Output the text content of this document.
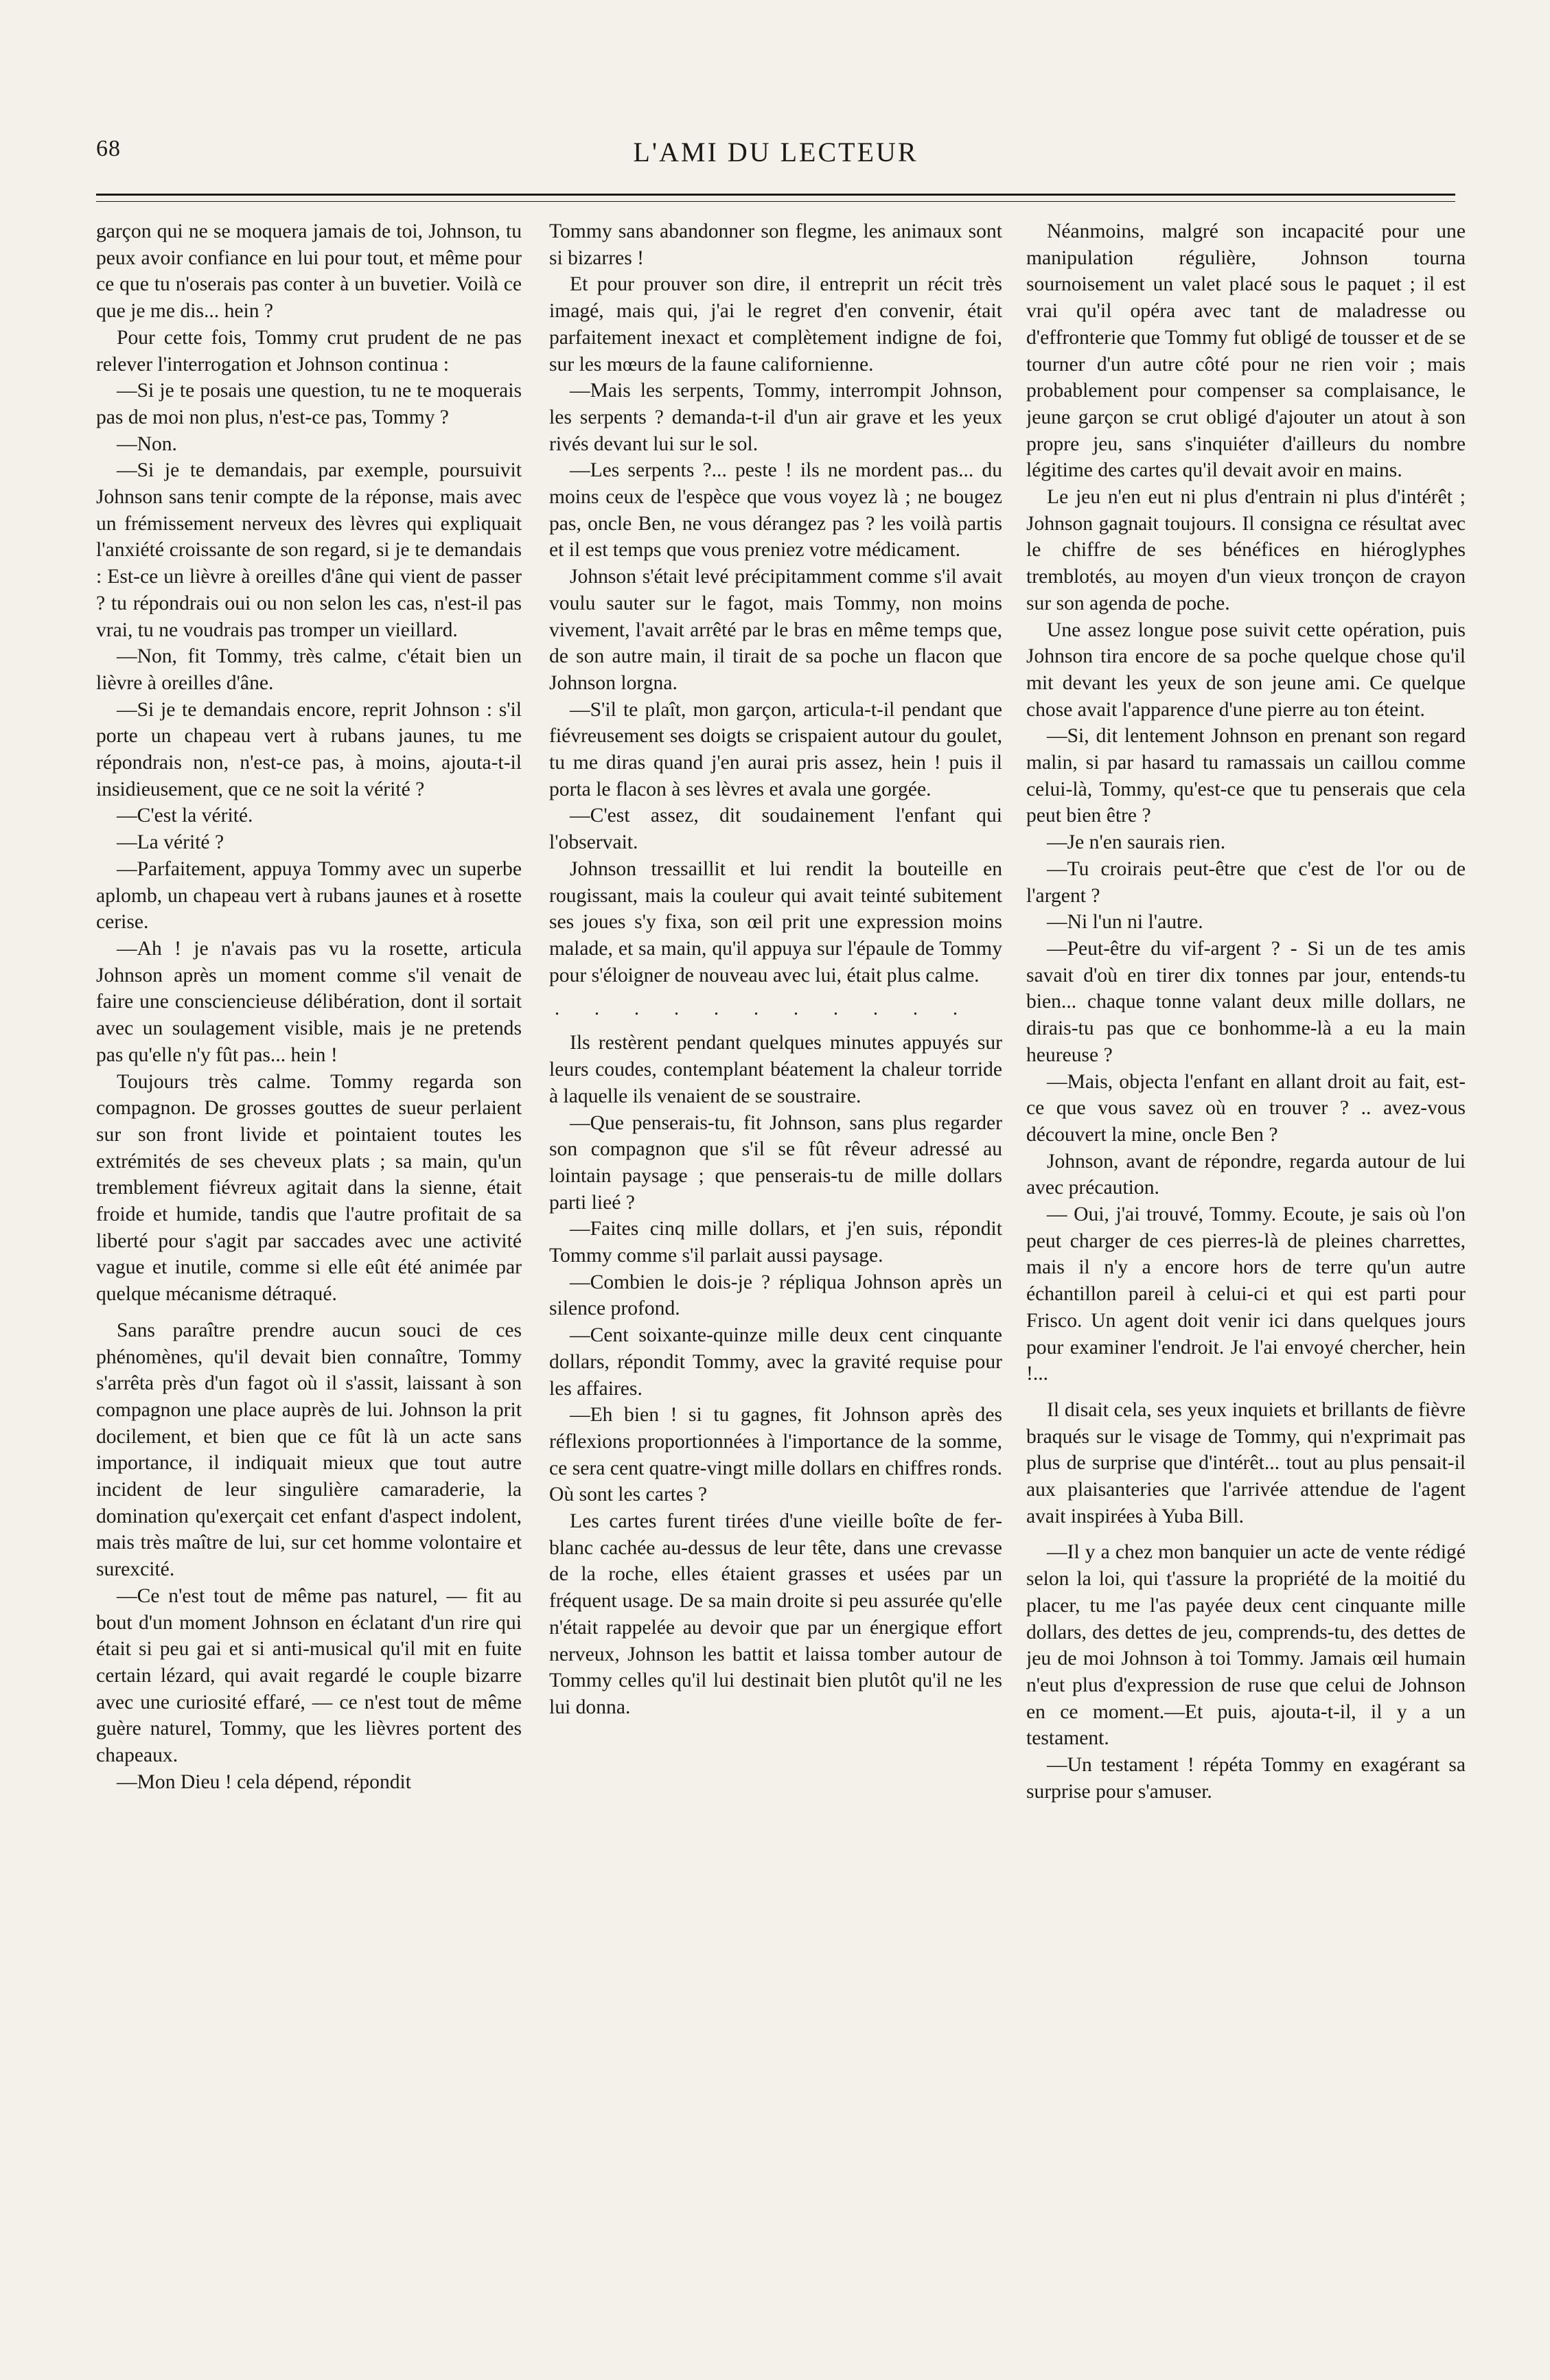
68	L'AMI DU LECTEUR

garçon qui ne se moquera jamais de toi, Johnson, tu peux avoir confiance en lui pour tout, et même pour ce que tu n'oserais pas conter à un buvetier. Voilà ce que je me dis... hein ?

Pour cette fois, Tommy crut prudent de ne pas relever l'interrogation et Johnson continua :

—Si je te posais une question, tu ne te moquerais pas de moi non plus, n'est-ce pas, Tommy ?

—Non.

—Si je te demandais, par exemple, poursuivit Johnson sans tenir compte de la réponse, mais avec un frémissement nerveux des lèvres qui expliquait l'anxiété croissante de son regard, si je te demandais : Est-ce un lièvre à oreilles d'âne qui vient de passer ? tu répondrais oui ou non selon les cas, n'est-il pas vrai, tu ne voudrais pas tromper un vieillard.

—Non, fit Tommy, très calme, c'était bien un lièvre à oreilles d'âne.

—Si je te demandais encore, reprit Johnson : s'il porte un chapeau vert à rubans jaunes, tu me répondrais non, n'est-ce pas, à moins, ajouta-t-il insidieusement, que ce ne soit la vérité ?

—C'est la vérité.

—La vérité ?

—Parfaitement, appuya Tommy avec un superbe aplomb, un chapeau vert à rubans jaunes et à rosette cerise.

—Ah ! je n'avais pas vu la rosette, articula Johnson après un moment comme s'il venait de faire une consciencieuse délibération, dont il sortait avec un soulagement visible, mais je ne pretends pas qu'elle n'y fût pas... hein !

Toujours très calme. Tommy regarda son compagnon. De grosses gouttes de sueur perlaient sur son front livide et pointaient toutes les extrémités de ses cheveux plats ; sa main, qu'un tremblement fiévreux agitait dans la sienne, était froide et humide, tandis que l'autre profitait de sa liberté pour s'agit par saccades avec une activité vague et inutile, comme si elle eût été animée par quelque mécanisme détraqué.

Sans paraître prendre aucun souci de ces phénomènes, qu'il devait bien connaître, Tommy s'arrêta près d'un fagot où il s'assit, laissant à son compagnon une place auprès de lui. Johnson la prit docilement, et bien que ce fût là un acte sans importance, il indiquait mieux que tout autre incident de leur singulière camaraderie, la domination qu'exerçait cet enfant d'aspect indolent, mais très maître de lui, sur cet homme volontaire et surexcité.

—Ce n'est tout de même pas naturel, — fit au bout d'un moment Johnson en éclatant d'un rire qui était si peu gai et si anti-musical qu'il mit en fuite certain lézard, qui avait regardé le couple bizarre avec une curiosité effaré, — ce n'est tout de même guère naturel, Tommy, que les lièvres portent des chapeaux.

—Mon Dieu ! cela dépend, répondit

Tommy sans abandonner son flegme, les animaux sont si bizarres !

Et pour prouver son dire, il entreprit un récit très imagé, mais qui, j'ai le regret d'en convenir, était parfaitement inexact et complètement indigne de foi, sur les mœurs de la faune californienne.

—Mais les serpents, Tommy, interrompit Johnson, les serpents ? demanda-t-il d'un air grave et les yeux rivés devant lui sur le sol.

—Les serpents ?... peste ! ils ne mordent pas... du moins ceux de l'espèce que vous voyez là ; ne bougez pas, oncle Ben, ne vous dérangez pas ? les voilà partis et il est temps que vous preniez votre médicament.

Johnson s'était levé précipitamment comme s'il avait voulu sauter sur le fagot, mais Tommy, non moins vivement, l'avait arrêté par le bras en même temps que, de son autre main, il tirait de sa poche un flacon que Johnson lorgna.

—S'il te plaît, mon garçon, articula-t-il pendant que fiévreusement ses doigts se crispaient autour du goulet, tu me diras quand j'en aurai pris assez, hein ! puis il porta le flacon à ses lèvres et avala une gorgée.

—C'est assez, dit soudainement l'enfant qui l'observait.

Johnson tressaillit et lui rendit la bouteille en rougissant, mais la couleur qui avait teinté subitement ses joues s'y fixa, son œil prit une expression moins malade, et sa main, qu'il appuya sur l'épaule de Tommy pour s'éloigner de nouveau avec lui, était plus calme.

. . . . . . . . . . .

Ils restèrent pendant quelques minutes appuyés sur leurs coudes, contemplant béatement la chaleur torride à laquelle ils venaient de se soustraire.

—Que penserais-tu, fit Johnson, sans plus regarder son compagnon que s'il se fût rêveur adressé au lointain paysage ; que penserais-tu de mille dollars parti lieé ?

—Faites cinq mille dollars, et j'en suis, répondit Tommy comme s'il parlait aussi paysage.

—Combien le dois-je ? répliqua Johnson après un silence profond.

—Cent soixante-quinze mille deux cent cinquante dollars, répondit Tommy, avec la gravité requise pour les affaires.

—Eh bien ! si tu gagnes, fit Johnson après des réflexions proportionnées à l'importance de la somme, ce sera cent quatre-vingt mille dollars en chiffres ronds. Où sont les cartes ?

Les cartes furent tirées d'une vieille boîte de fer-blanc cachée au-dessus de leur tête, dans une crevasse de la roche, elles étaient grasses et usées par un fréquent usage. De sa main droite si peu assurée qu'elle n'était rappelée au devoir que par un énergique effort nerveux, Johnson les battit et laissa tomber autour de Tommy celles qu'il lui destinait bien plutôt qu'il ne les lui donna.

Néanmoins, malgré son incapacité pour une manipulation régulière, Johnson tourna sournoisement un valet placé sous le paquet ; il est vrai qu'il opéra avec tant de maladresse ou d'effronterie que Tommy fut obligé de tousser et de se tourner d'un autre côté pour ne rien voir ; mais probablement pour compenser sa complaisance, le jeune garçon se crut obligé d'ajouter un atout à son propre jeu, sans s'inquiéter d'ailleurs du nombre légitime des cartes qu'il devait avoir en mains.

Le jeu n'en eut ni plus d'entrain ni plus d'intérêt ; Johnson gagnait toujours. Il consigna ce résultat avec le chiffre de ses bénéfices en hiéroglyphes tremblotés, au moyen d'un vieux tronçon de crayon sur son agenda de poche.

Une assez longue pose suivit cette opération, puis Johnson tira encore de sa poche quelque chose qu'il mit devant les yeux de son jeune ami. Ce quelque chose avait l'apparence d'une pierre au ton éteint.

—Si, dit lentement Johnson en prenant son regard malin, si par hasard tu ramassais un caillou comme celui-là, Tommy, qu'est-ce que tu penserais que cela peut bien être ?

—Je n'en saurais rien.

—Tu croirais peut-être que c'est de l'or ou de l'argent ?

—Ni l'un ni l'autre.

—Peut-être du vif-argent ? - Si un de tes amis savait d'où en tirer dix tonnes par jour, entends-tu bien... chaque tonne valant deux mille dollars, ne dirais-tu pas que ce bonhomme-là a eu la main heureuse ?

—Mais, objecta l'enfant en allant droit au fait, est-ce que vous savez où en trouver ? .. avez-vous découvert la mine, oncle Ben ?

Johnson, avant de répondre, regarda autour de lui avec précaution.

— Oui, j'ai trouvé, Tommy. Ecoute, je sais où l'on peut charger de ces pierres-là de pleines charrettes, mais il n'y a encore hors de terre qu'un autre échantillon pareil à celui-ci et qui est parti pour Frisco. Un agent doit venir ici dans quelques jours pour examiner l'endroit. Je l'ai envoyé chercher, hein !...

Il disait cela, ses yeux inquiets et brillants de fièvre braqués sur le visage de Tommy, qui n'exprimait pas plus de surprise que d'intérêt... tout au plus pensait-il aux plaisanteries que l'arrivée attendue de l'agent avait inspirées à Yuba Bill.

—Il y a chez mon banquier un acte de vente rédigé selon la loi, qui t'assure la propriété de la moitié du placer, tu me l'as payée deux cent cinquante mille dollars, des dettes de jeu, comprends-tu, des dettes de jeu de moi Johnson à toi Tommy. Jamais œil humain n'eut plus d'expression de ruse que celui de Johnson en ce moment.—Et puis, ajouta-t-il, il y a un testament.

—Un testament ! répéta Tommy en exagérant sa surprise pour s'amuser.
